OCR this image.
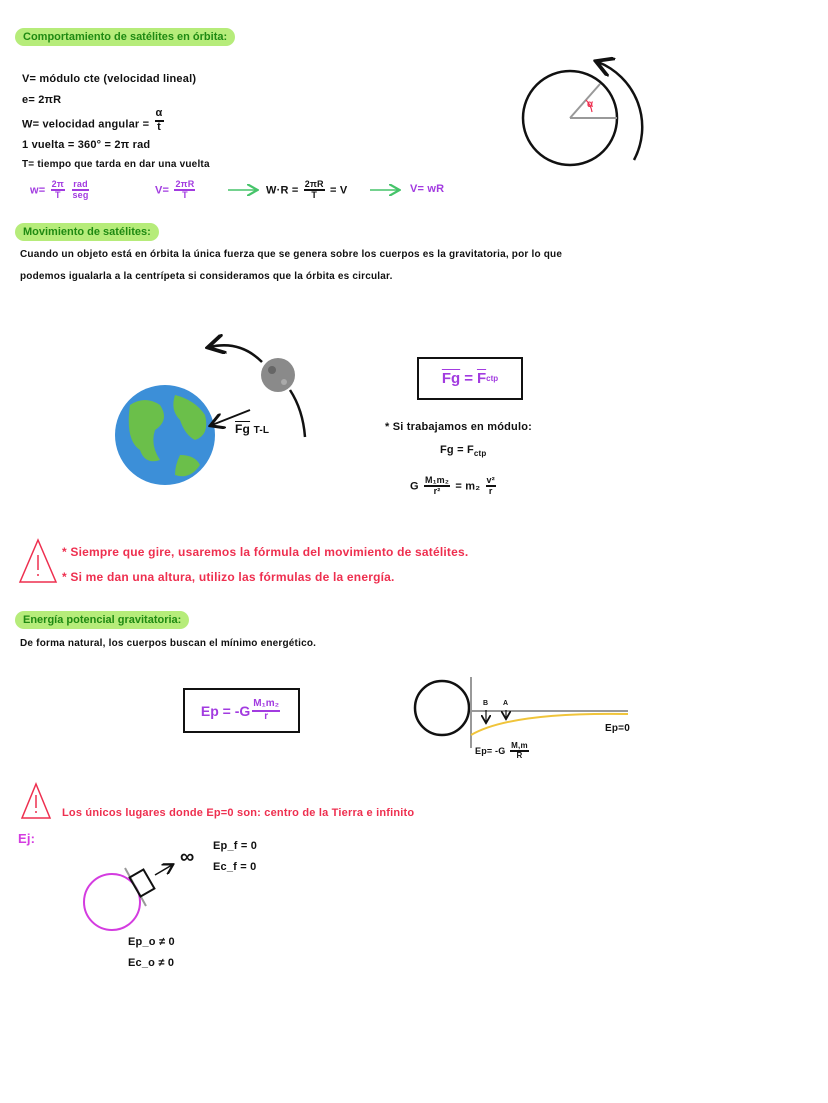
Comportamiento de satélites en órbita:
V= módulo cte (velocidad lineal)
e= 2πR
W= velocidad angular = $\frac{\alpha}{t}$
1 vuelta = 360° = 2π rad
T= tiempo que tarda en dar una vuelta
$w= \frac{2\pi}{T}$
$\frac{\text{rad}}{\text{seg}}$	$V= \frac{2\pi R}{T}$	$W\cdot R = \frac{2\pi R}{T} = V$	V= wR
α
Movimiento de satélites:
Cuando un objeto está en órbita la única fuerza que se genera sobre los cuerpos es la gravitatoria, por lo que
podemos igualarla a la centrípeta si consideramos que la órbita es circular.
$\overline{Fg}$ T-L
$\overline{Fg} = \overline{F}$ ctp
* Si trabajamos en módulo:
$Fg = F_{ctp}$
G $\frac{\text{M₁m₂}}{\text{r²}} = m_2 \frac{\text{v²}}{r}$
* Siempre que gire, usaremos la fórmula del movimiento de satélites.
* Si me dan una altura, utilizo las fórmulas de la energía.
Energía potencial gravitatoria:
De forma natural, los cuerpos buscan el mínimo energético.
$Ep = -G \frac{\text{M₁m₂}}{r}$	B A
Ep=0
$Ep= -G \frac{M,m}{R}$
Los únicos lugares donde Ep=0 son: centro de la Tierra e infinito
Ej:
∞ Ep_f = 0
Ec_f = 0
Ep_o ≠ 0
Ec_o ≠ 0
